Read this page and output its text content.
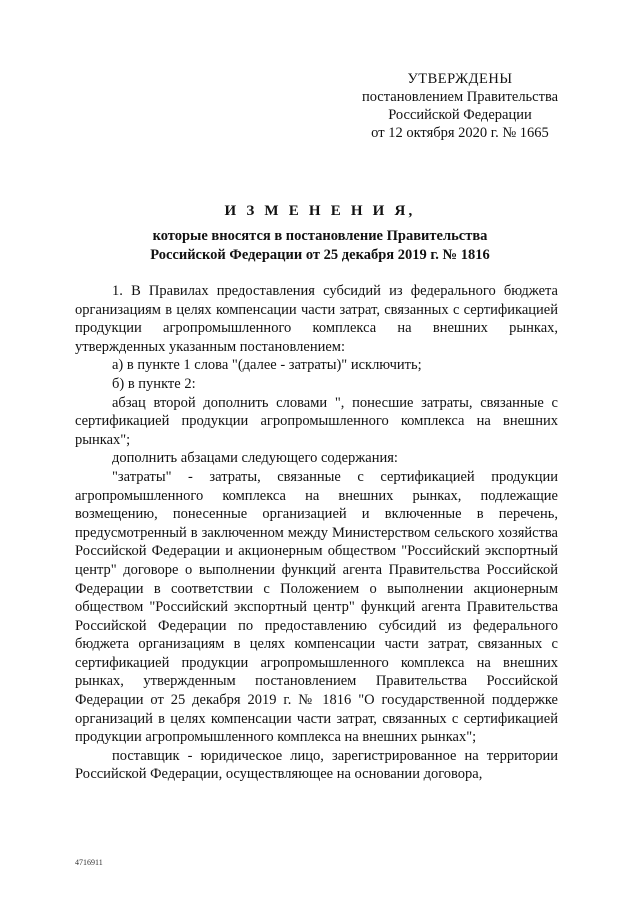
УТВЕРЖДЕНЫ
постановлением Правительства
Российской Федерации
от 12 октября 2020 г. № 1665
И З М Е Н Е Н И Я,
которые вносятся в постановление Правительства
Российской Федерации от 25 декабря 2019 г. № 1816

1. В Правилах предоставления субсидий из федерального бюджета организациям в целях компенсации части затрат, связанных с сертификацией продукции агропромышленного комплекса на внешних рынках, утвержденных указанным постановлением:

а) в пункте 1 слова "(далее - затраты)" исключить;

б) в пункте 2:

абзац второй дополнить словами ", понесшие затраты, связанные с сертификацией продукции агропромышленного комплекса на внешних рынках";

дополнить абзацами следующего содержания:

"затраты" - затраты, связанные с сертификацией продукции агропромышленного комплекса на внешних рынках, подлежащие возмещению, понесенные организацией и включенные в перечень, предусмотренный в заключенном между Министерством сельского хозяйства Российской Федерации и акционерным обществом "Российский экспортный центр" договоре о выполнении функций агента Правительства Российской Федерации в соответствии с Положением о выполнении акционерным обществом "Российский экспортный центр" функций агента Правительства Российской Федерации по предоставлению субсидий из федерального бюджета организациям в целях компенсации части затрат, связанных с сертификацией продукции агропромышленного комплекса на внешних рынках, утвержденным постановлением Правительства Российской Федерации от 25 декабря 2019 г. № 1816 "О государственной поддержке организаций в целях компенсации части затрат, связанных с сертификацией продукции агропромышленного комплекса на внешних рынках";

поставщик - юридическое лицо, зарегистрированное на территории Российской Федерации, осуществляющее на основании договора,

4716911
